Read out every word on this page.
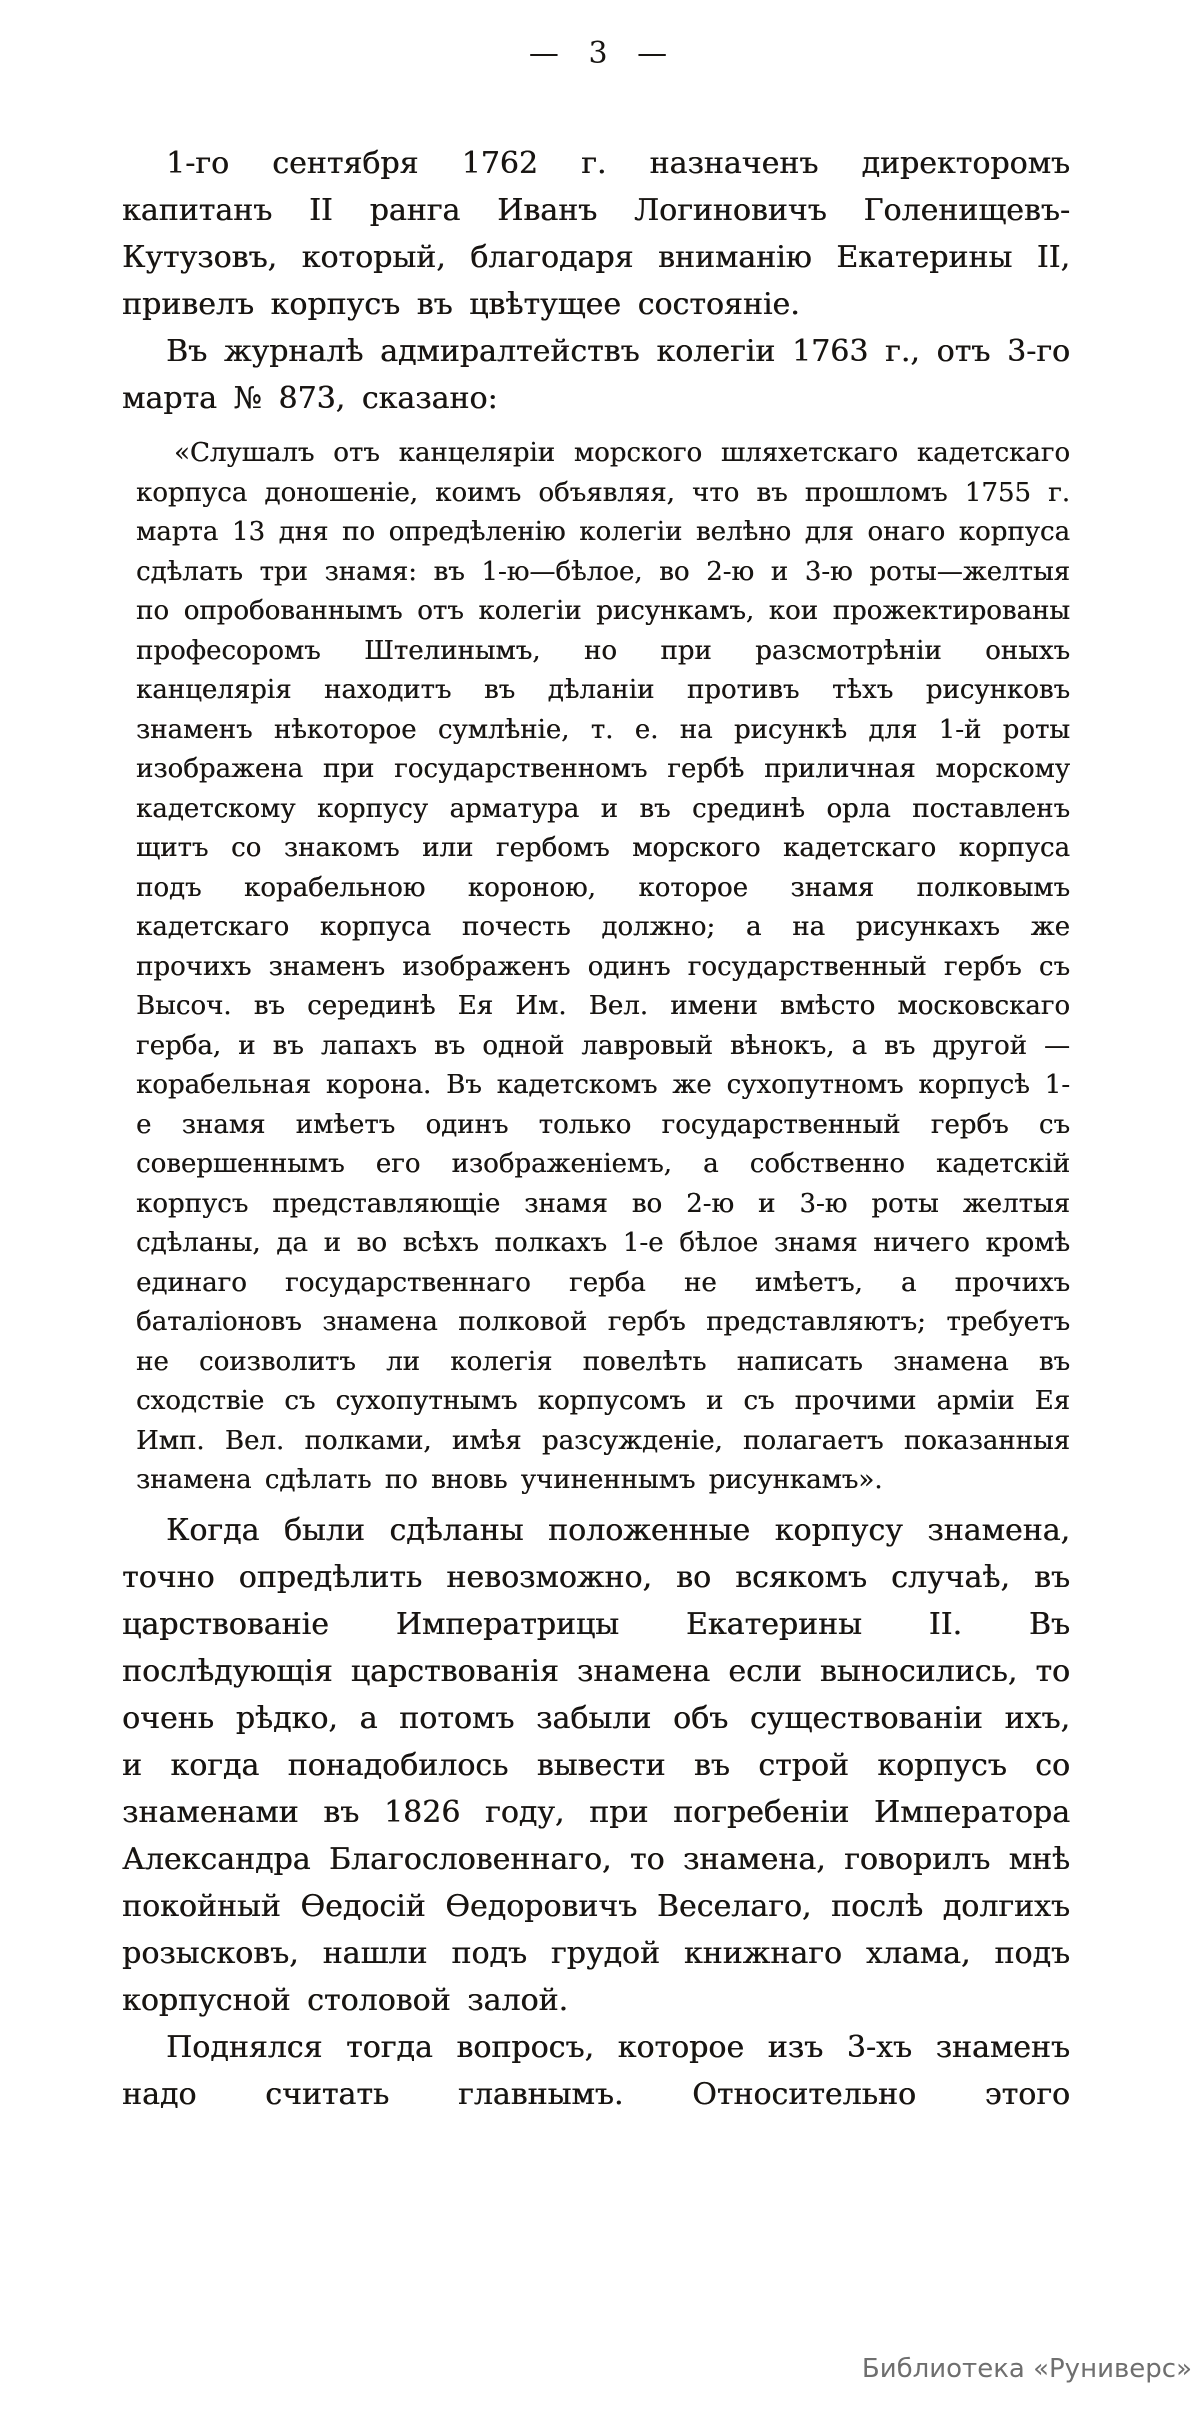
— 3 —

1-го сентября 1762 г. назначенъ директоромъ капитанъ II ранга Иванъ Логиновичъ Голенищевъ-Кутузовъ, который, благодаря вниманію Екатерины II, привелъ корпусъ въ цвѣтущее состояніе.

Въ журналѣ адмиралтействъ колегіи 1763 г., отъ 3-го марта № 873, сказано:

«Слушалъ отъ канцеляріи морского шляхетскаго кадетскаго корпуса доношеніе, коимъ объявляя, что въ прошломъ 1755 г. марта 13 дня по опредѣленію колегіи велѣно для онаго корпуса сдѣлать три знамя: въ 1-ю—бѣлое, во 2-ю и 3-ю роты—желтыя по опробованнымъ отъ колегіи рисункамъ, кои прожектированы професоромъ Штелинымъ, но при разсмотрѣніи оныхъ канцелярія находитъ въ дѣланіи противъ тѣхъ рисунковъ знаменъ нѣкоторое сумлѣніе, т. е. на рисункѣ для 1-й роты изображена при государственномъ гербѣ приличная морскому кадетскому корпусу арматура и въ срединѣ орла поставленъ щитъ со знакомъ или гербомъ морского кадетскаго корпуса подъ корабельною короною, которое знамя полковымъ кадетскаго корпуса почесть должно; а на рисункахъ же прочихъ знаменъ изображенъ одинъ государственный гербъ съ Высоч. въ серединѣ Ея Им. Вел. имени вмѣсто московскаго герба, и въ лапахъ въ одной лавровый вѣнокъ, а въ другой — корабельная корона. Въ кадетскомъ же сухопутномъ корпусѣ 1-е знамя имѣетъ одинъ только государственный гербъ съ совершеннымъ его изображеніемъ, а собственно кадетскій корпусъ представляющіе знамя во 2-ю и 3-ю роты желтыя сдѣланы, да и во всѣхъ полкахъ 1-е бѣлое знамя ничего кромѣ единаго государственнаго герба не имѣетъ, а прочихъ баталіоновъ знамена полковой гербъ представляютъ; требуетъ не соизволитъ ли колегія повелѣть написать знамена въ сходствіе съ сухопутнымъ корпусомъ и съ прочими арміи Ея Имп. Вел. полками, имѣя разсужденіе, полагаетъ показанныя знамена сдѣлать по вновь учиненнымъ рисункамъ».

Когда были сдѣланы положенные корпусу знамена, точно опредѣлить невозможно, во всякомъ случаѣ, въ царствованіе Императрицы Екатерины II. Въ послѣдующія царствованія знамена если выносились, то очень рѣдко, а потомъ забыли объ существованіи ихъ, и когда понадобилось вывести въ строй корпусъ со знаменами въ 1826 году, при погребеніи Императора Александра Благословеннаго, то знамена, говорилъ мнѣ покойный Ѳедосій Ѳедоровичъ Веселаго, послѣ долгихъ розысковъ, нашли подъ грудой книжнаго хлама, подъ корпусной столовой залой.

Поднялся тогда вопросъ, которое изъ 3-хъ знаменъ надо считать главнымъ. Относительно этого

Библиотека «Руниверс»
